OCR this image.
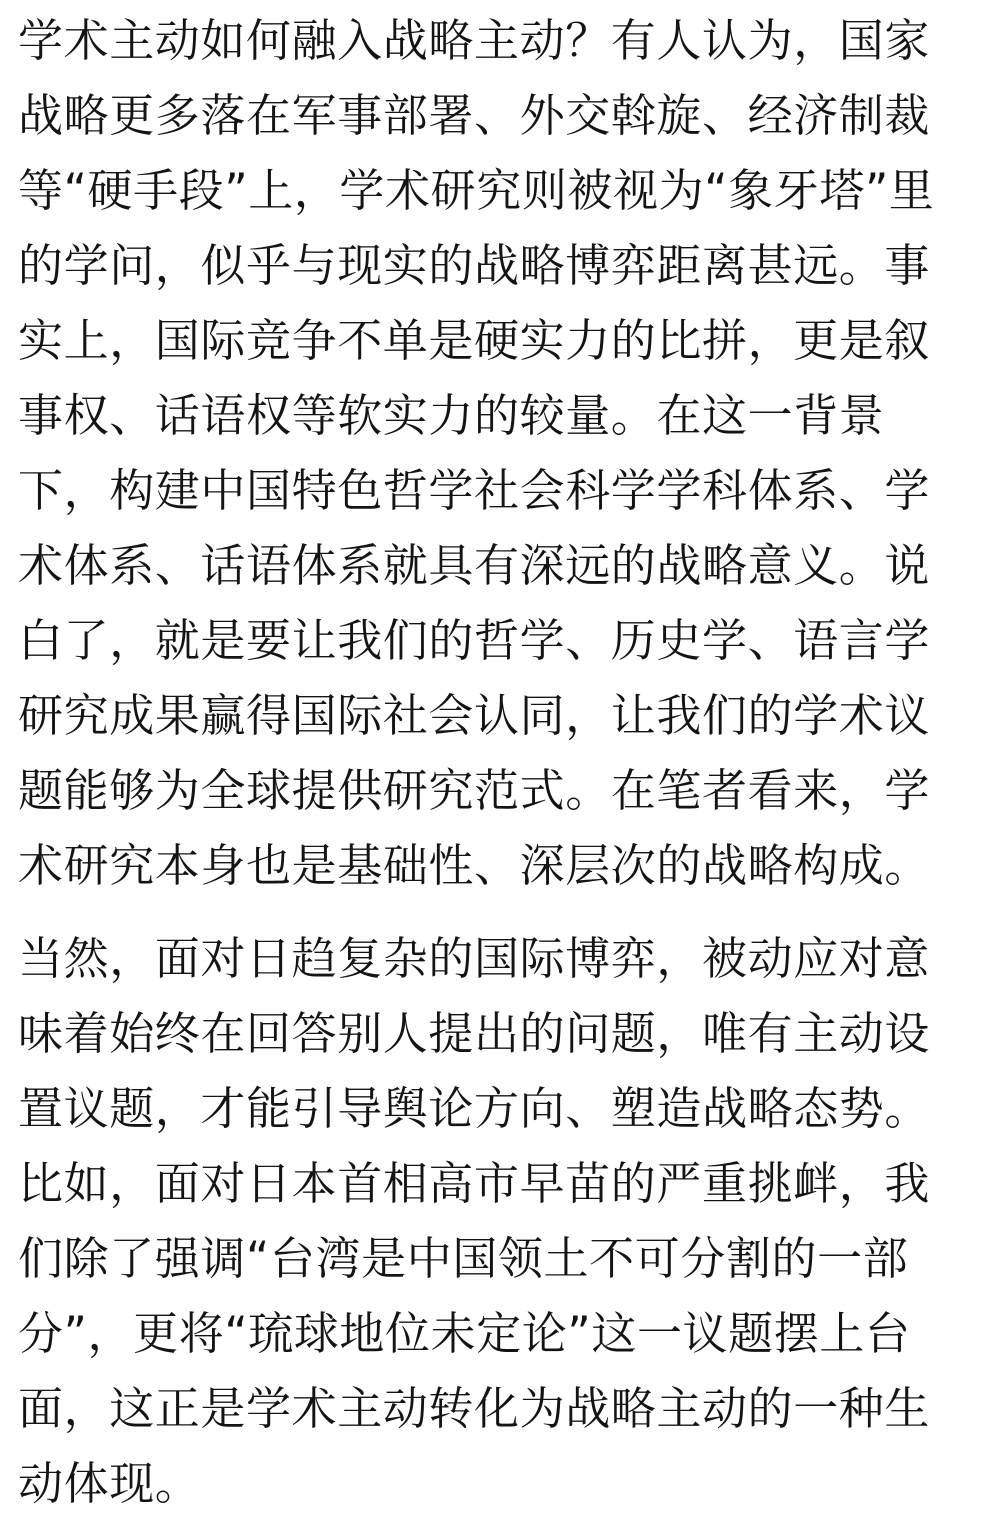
学术主动如何融入战略主动？有人认为，国家
战略更多落在军事部署、外交斡旋、经济制裁
等“硬手段”上，学术研究则被视为“象牙塔”里
的学问，似乎与现实的战略博弈距离甚远。事
实上，国际竞争不单是硬实力的比拼，更是叙
事权、话语权等软实力的较量。在这一背景
下，构建中国特色哲学社会科学学科体系、学
术体系、话语体系就具有深远的战略意义。说
白了，就是要让我们的哲学、历史学、语言学
研究成果赢得国际社会认同，让我们的学术议
题能够为全球提供研究范式。在笔者看来，学
术研究本身也是基础性、深层次的战略构成。
当然，面对日趋复杂的国际博弈，被动应对意
味着始终在回答别人提出的问题，唯有主动设
置议题，才能引导舆论方向、塑造战略态势。
比如，面对日本首相高市早苗的严重挑衅，我
们除了强调“台湾是中国领土不可分割的一部
分”，更将“琉球地位未定论”这一议题摆上台
面，这正是学术主动转化为战略主动的一种生
动体现。
